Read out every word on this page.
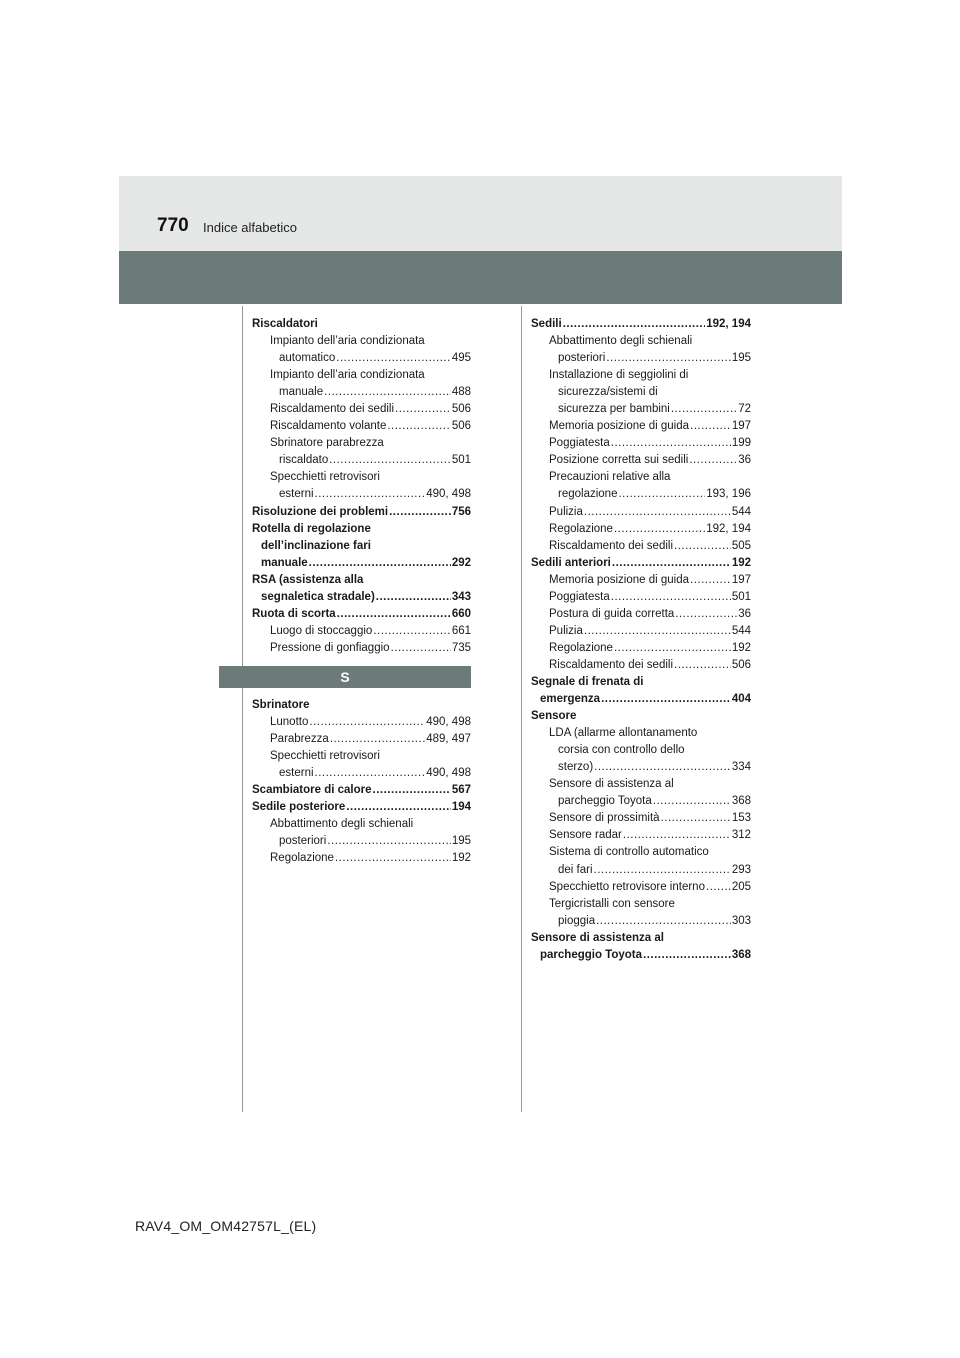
770 Indice alfabetico
Riscaldatori
Impianto dell’aria condizionata
automatico .....	495
Impianto dell’aria condizionata
manuale .....	488
Riscaldamento dei sedili .....	506
Riscaldamento volante .....	506
Sbrinatore parabrezza
riscaldato .....	501
Specchietti retrovisori
esterni .....	490, 498
Risoluzione dei problemi .....	756
Rotella di regolazione
dell’inclinazione fari
manuale .....	292
RSA (assistenza alla
segnaletica stradale) .....	343
Ruota di scorta .....	660
Luogo di stoccaggio .....	661
Pressione di gonfiaggio .....	735
S
Sbrinatore
Lunotto .....	490, 498
Parabrezza .....	489, 497
Specchietti retrovisori
esterni .....	490, 498
Scambiatore di calore .....	567
Sedile posteriore .....	194
Abbattimento degli schienali
posteriori .....	195
Regolazione .....	192
Sedili .....	192, 194
Abbattimento degli schienali
posteriori .....	195
Installazione di seggiolini di
sicurezza/sistemi di
sicurezza per bambini .....	72
Memoria posizione di guida .....	197
Poggiatesta .....	199
Posizione corretta sui sedili .....	36
Precauzioni relative alla
regolazione .....	193, 196
Pulizia .....	544
Regolazione .....	192, 194
Riscaldamento dei sedili .....	505
Sedili anteriori .....	192
Memoria posizione di guida .....	197
Poggiatesta .....	501
Postura di guida corretta .....	36
Pulizia .....	544
Regolazione .....	192
Riscaldamento dei sedili .....	506
Segnale di frenata di
emergenza .....	404
Sensore
LDA (allarme allontanamento
corsia con controllo dello
sterzo) .....	334
Sensore di assistenza al
parcheggio Toyota .....	368
Sensore di prossimità .....	153
Sensore radar .....	312
Sistema di controllo automatico
dei fari .....	293
Specchietto retrovisore interno ..... 205
Tergicristalli con sensore
pioggia .....	303
Sensore di assistenza al
parcheggio Toyota .....	368
RAV4_OM_OM42757L_(EL)
